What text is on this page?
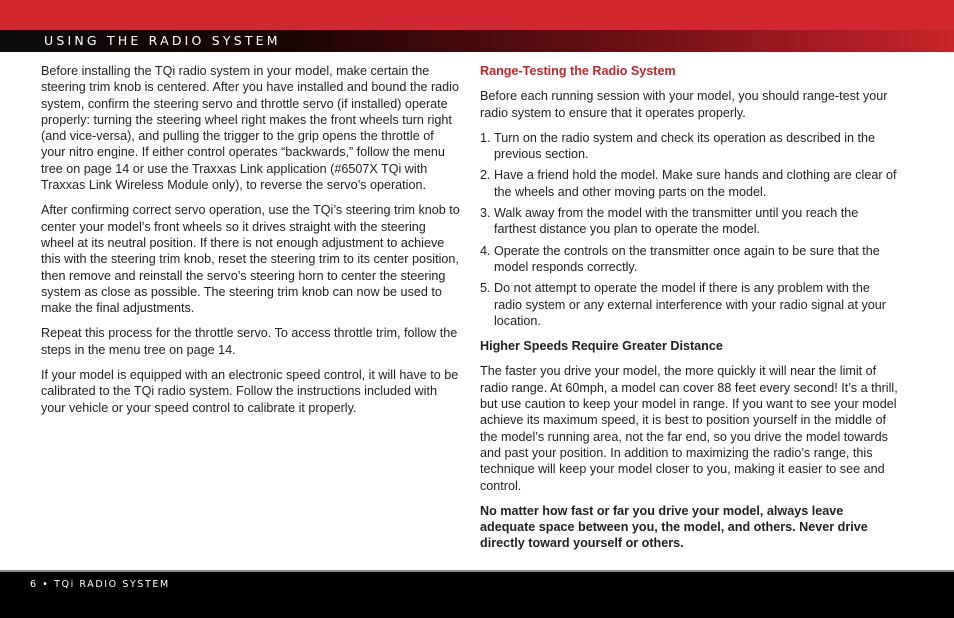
USING THE RADIO SYSTEM

Before installing the TQi radio system in your model, make certain the steering trim knob is centered. After you have installed and bound the radio system, confirm the steering servo and throttle servo (if installed) operate properly: turning the steering wheel right makes the front wheels turn right (and vice-versa), and pulling the trigger to the grip opens the throttle of your nitro engine. If either control operates “backwards,” follow the menu tree on page 14 or use the Traxxas Link application (#6507X TQi with Traxxas Link Wireless Module only), to reverse the servo’s operation.

After confirming correct servo operation, use the TQi’s steering trim knob to center your model’s front wheels so it drives straight with the steering wheel at its neutral position. If there is not enough adjustment to achieve this with the steering trim knob, reset the steering trim to its center position, then remove and reinstall the servo’s steering horn to center the steering system as close as possible. The steering trim knob can now be used to make the final adjustments.

Repeat this process for the throttle servo. To access throttle trim, follow the steps in the menu tree on page 14.

If your model is equipped with an electronic speed control, it will have to be calibrated to the TQi radio system. Follow the instructions included with your vehicle or your speed control to calibrate it properly.

Range-Testing the Radio System

Before each running session with your model, you should range-test your radio system to ensure that it operates properly.

1. Turn on the radio system and check its operation as described in the previous section.
2. Have a friend hold the model. Make sure hands and clothing are clear of the wheels and other moving parts on the model.
3. Walk away from the model with the transmitter until you reach the farthest distance you plan to operate the model.
4. Operate the controls on the transmitter once again to be sure that the model responds correctly.
5. Do not attempt to operate the model if there is any problem with the radio system or any external interference with your radio signal at your location.

Higher Speeds Require Greater Distance

The faster you drive your model, the more quickly it will near the limit of radio range. At 60mph, a model can cover 88 feet every second! It’s a thrill, but use caution to keep your model in range. If you want to see your model achieve its maximum speed, it is best to position yourself in the middle of the model’s running area, not the far end, so you drive the model towards and past your position. In addition to maximizing the radio’s range, this technique will keep your model closer to you, making it easier to see and control.

No matter how fast or far you drive your model, always leave adequate space between you, the model, and others. Never drive directly toward yourself or others.

6 • TQi RADIO SYSTEM
